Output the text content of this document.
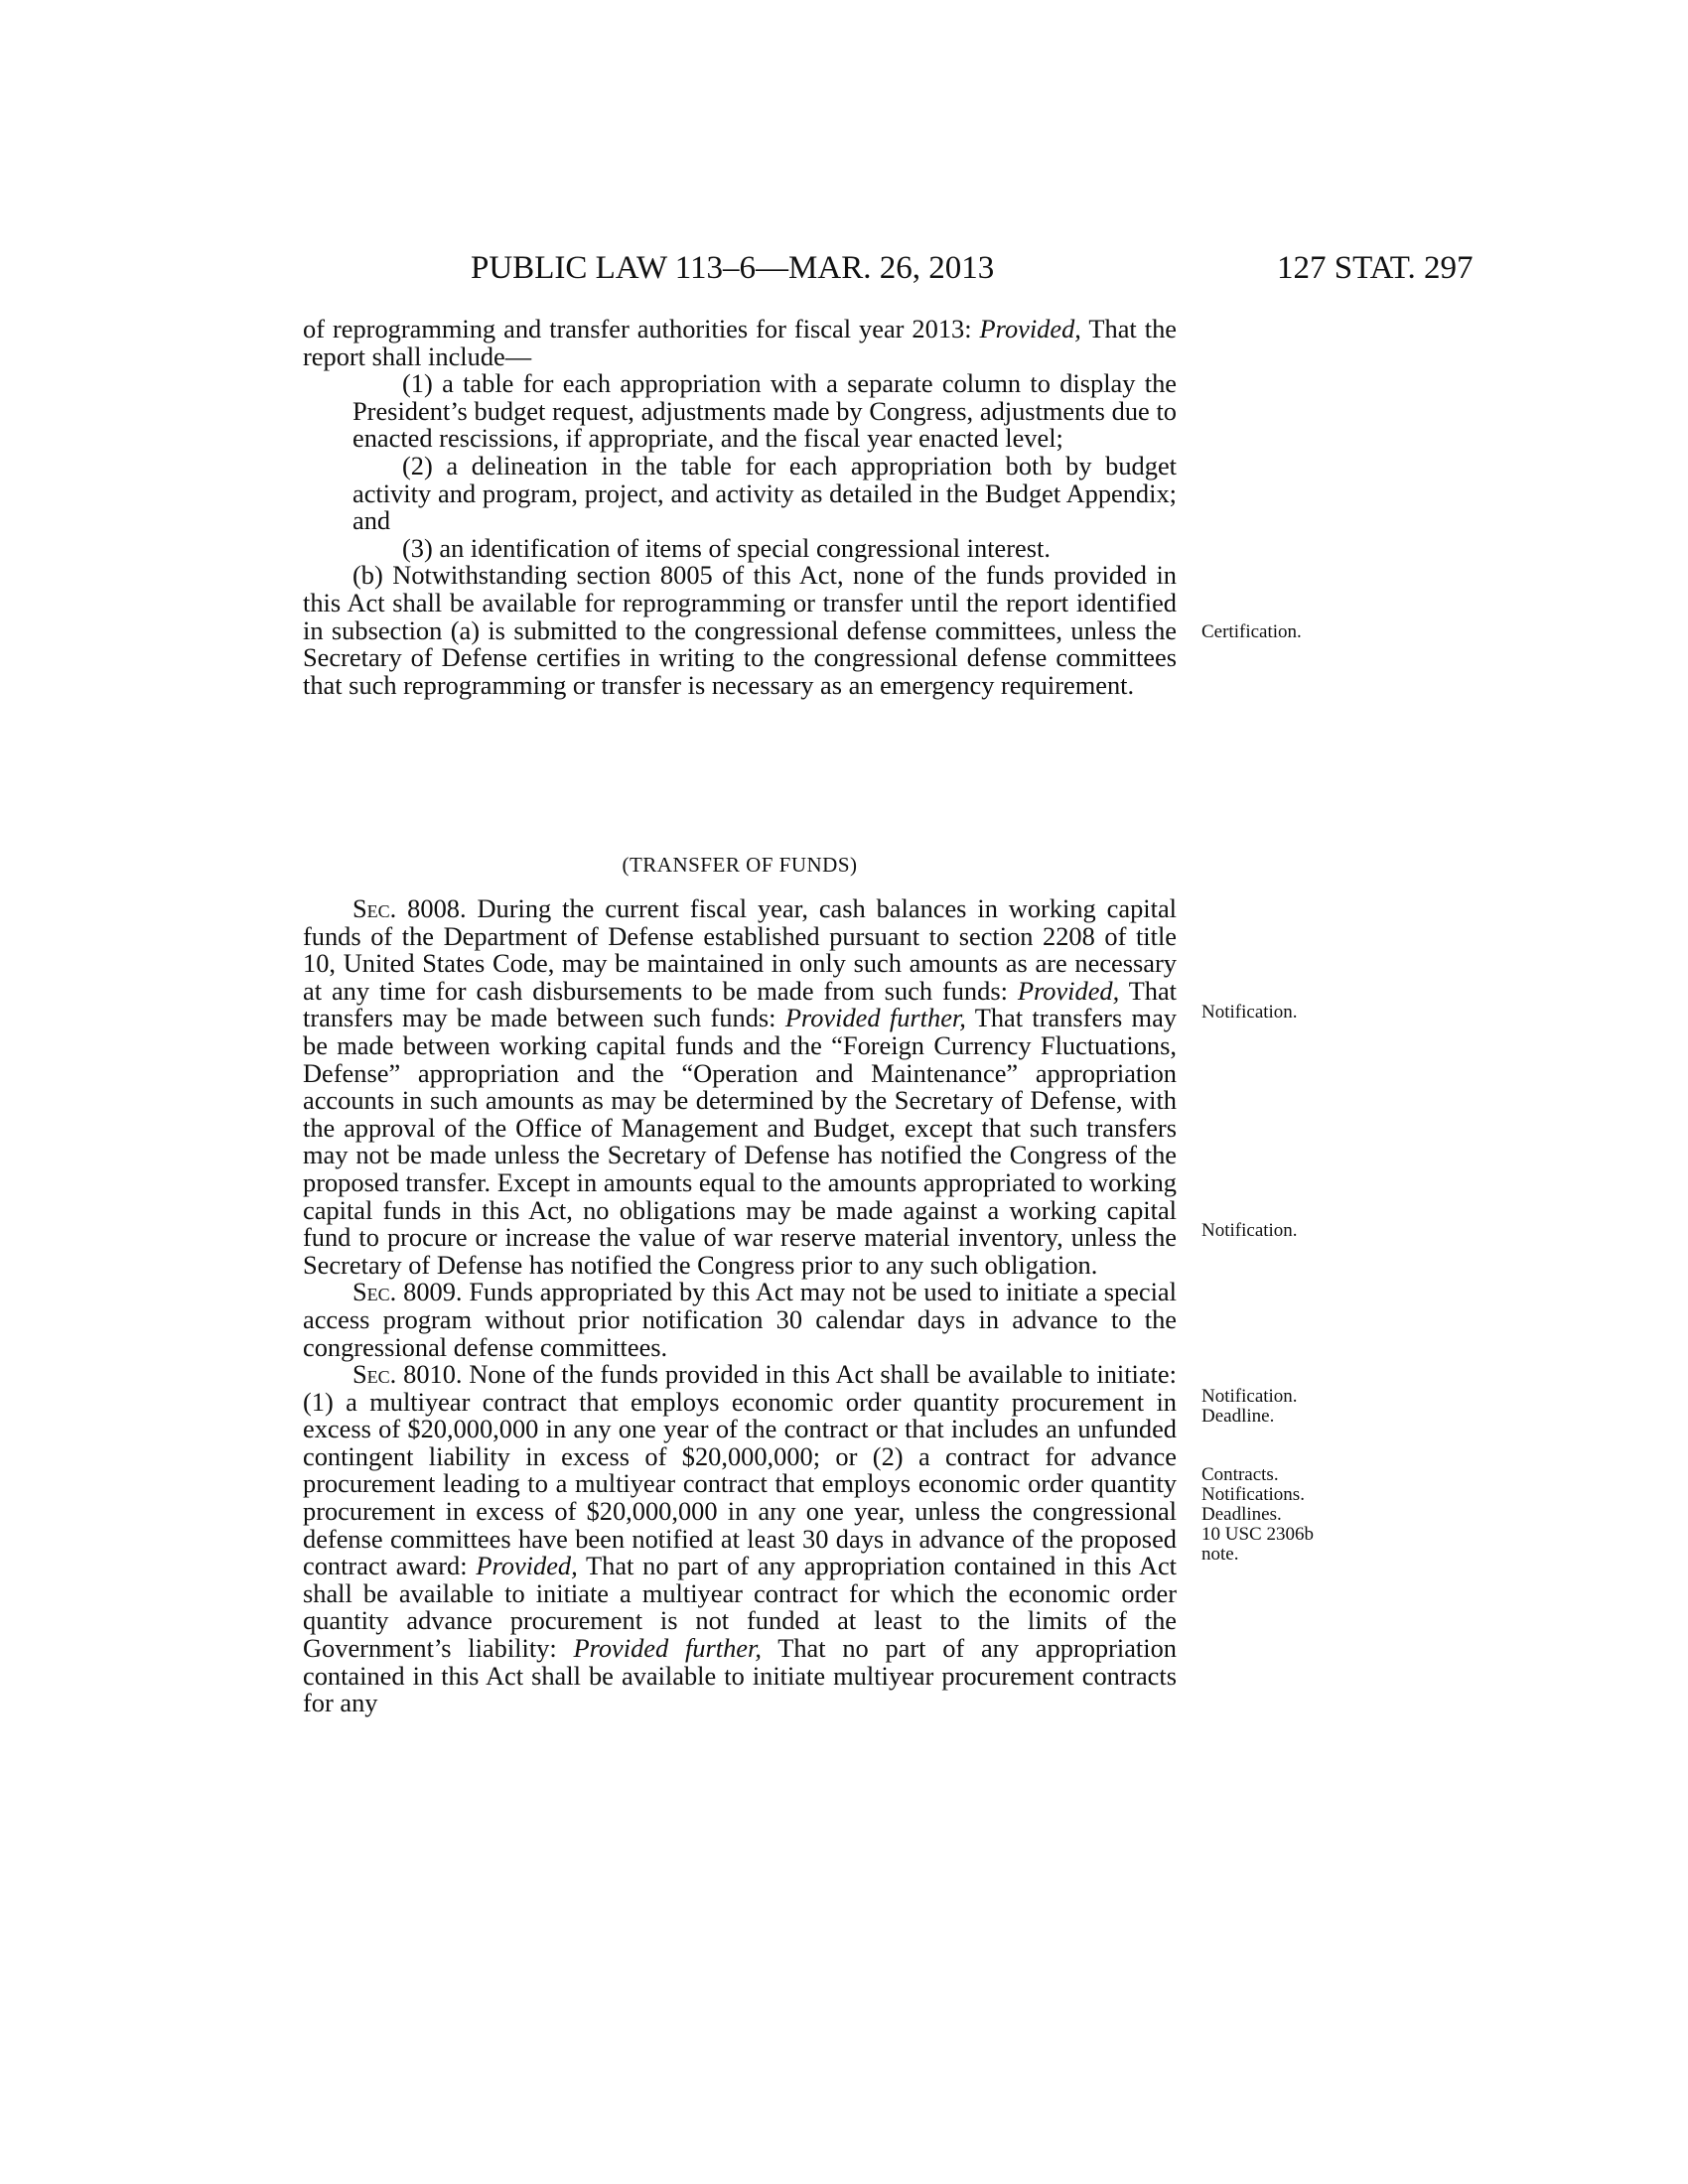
PUBLIC LAW 113–6—MAR. 26, 2013	127 STAT. 297

of reprogramming and transfer authorities for fiscal year 2013: Provided, That the report shall include—

(1) a table for each appropriation with a separate column to display the President’s budget request, adjustments made by Congress, adjustments due to enacted rescissions, if appropriate, and the fiscal year enacted level;

(2) a delineation in the table for each appropriation both by budget activity and program, project, and activity as detailed in the Budget Appendix; and

(3) an identification of items of special congressional interest.

(b) Notwithstanding section 8005 of this Act, none of the funds provided in this Act shall be available for reprogramming or transfer until the report identified in subsection (a) is submitted to the congressional defense committees, unless the Secretary of Defense certifies in writing to the congressional defense committees that such reprogramming or transfer is necessary as an emergency requirement.

(TRANSFER OF FUNDS)

Sec. 8008. During the current fiscal year, cash balances in working capital funds of the Department of Defense established pursuant to section 2208 of title 10, United States Code, may be maintained in only such amounts as are necessary at any time for cash disbursements to be made from such funds: Provided, That transfers may be made between such funds: Provided further, That transfers may be made between working capital funds and the “Foreign Currency Fluctuations, Defense” appropriation and the “Operation and Maintenance” appropriation accounts in such amounts as may be determined by the Secretary of Defense, with the approval of the Office of Management and Budget, except that such transfers may not be made unless the Secretary of Defense has notified the Congress of the proposed transfer. Except in amounts equal to the amounts appropriated to working capital funds in this Act, no obligations may be made against a working capital fund to procure or increase the value of war reserve material inventory, unless the Secretary of Defense has notified the Congress prior to any such obligation.

Sec. 8009. Funds appropriated by this Act may not be used to initiate a special access program without prior notification 30 calendar days in advance to the congressional defense committees.

Sec. 8010. None of the funds provided in this Act shall be available to initiate: (1) a multiyear contract that employs economic order quantity procurement in excess of $20,000,000 in any one year of the contract or that includes an unfunded contingent liability in excess of $20,000,000; or (2) a contract for advance procurement leading to a multiyear contract that employs economic order quantity procurement in excess of $20,000,000 in any one year, unless the congressional defense committees have been notified at least 30 days in advance of the proposed contract award: Provided, That no part of any appropriation contained in this Act shall be available to initiate a multiyear contract for which the economic order quantity advance procurement is not funded at least to the limits of the Government’s liability: Provided further, That no part of any appropriation contained in this Act shall be available to initiate multiyear procurement contracts for any

Certification.
Notification.
Notification.
Notification.
Deadline.
Contracts.
Notifications.
Deadlines.
10 USC 2306b
note.
